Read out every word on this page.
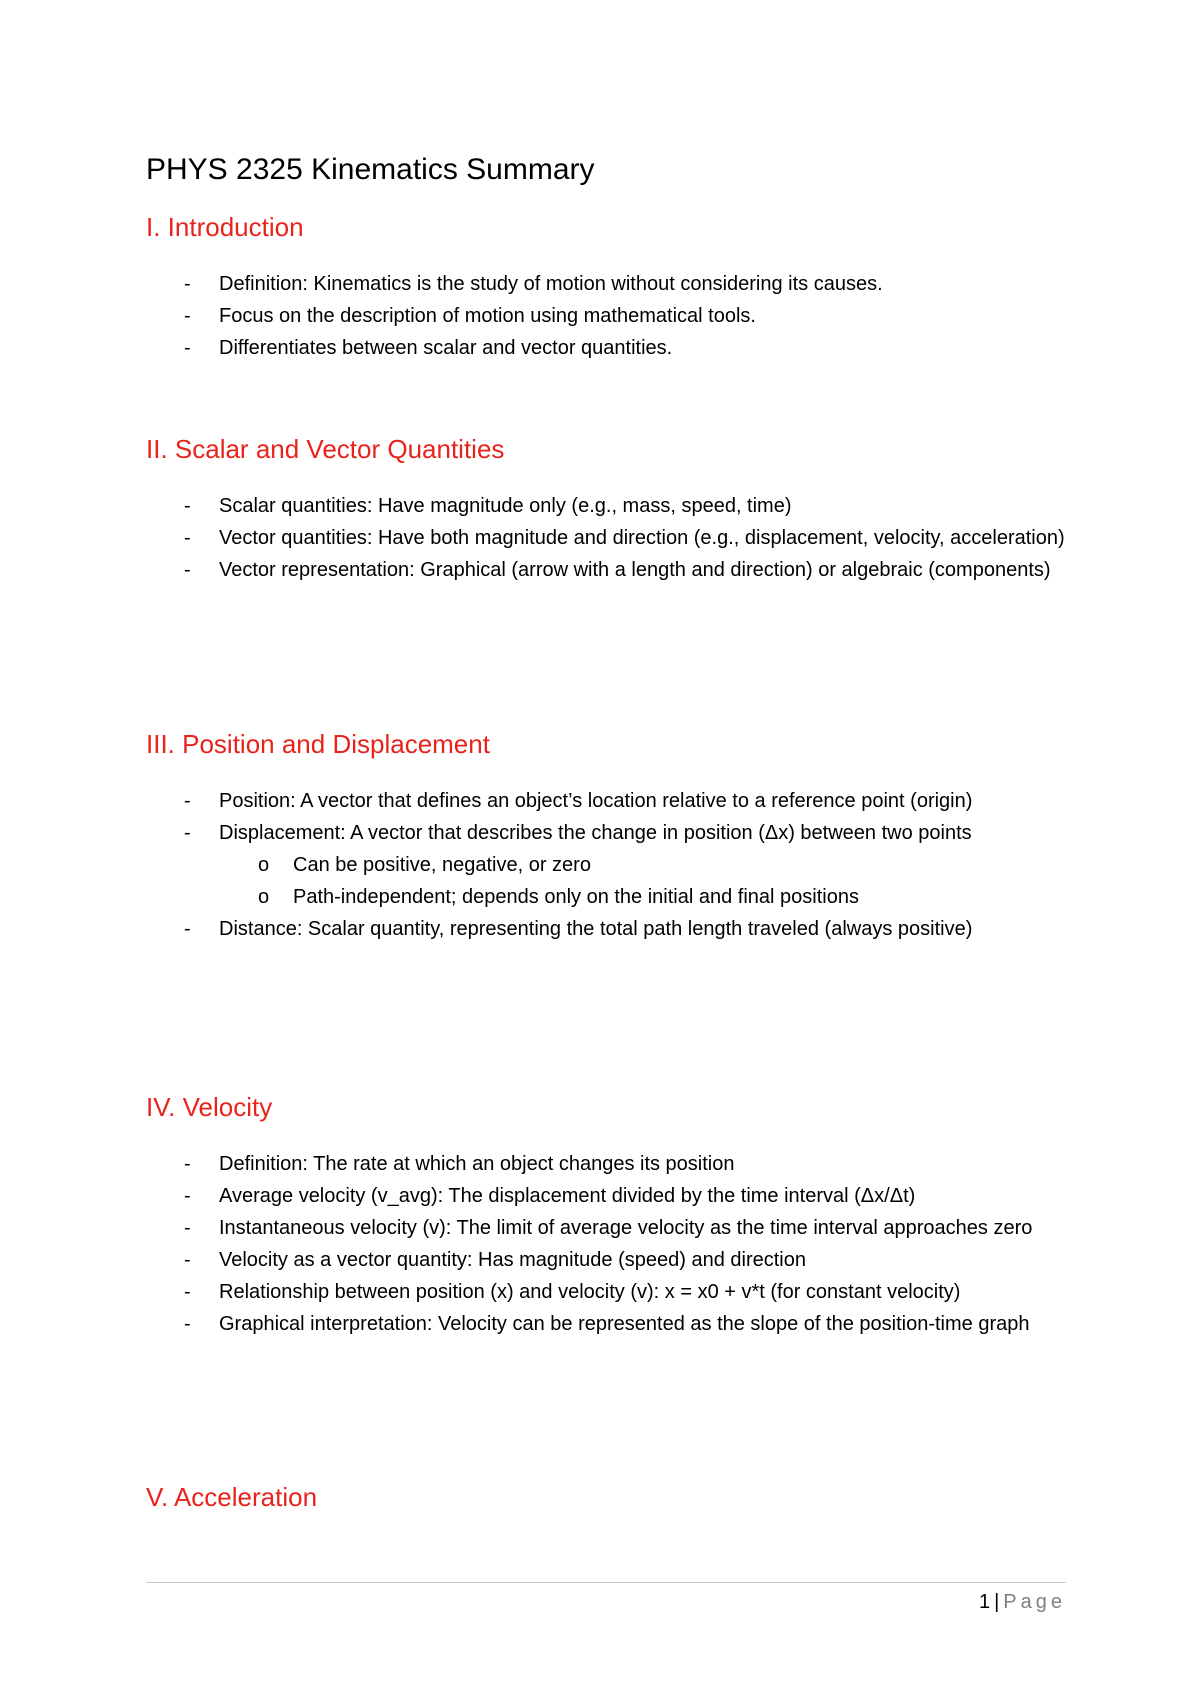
PHYS 2325 Kinematics Summary
I. Introduction
- Definition: Kinematics is the study of motion without considering its causes.
- Focus on the description of motion using mathematical tools.
- Differentiates between scalar and vector quantities.
II. Scalar and Vector Quantities
- Scalar quantities: Have magnitude only (e.g., mass, speed, time)
- Vector quantities: Have both magnitude and direction (e.g., displacement, velocity, acceleration)
- Vector representation: Graphical (arrow with a length and direction) or algebraic (components)
III. Position and Displacement
- Position: A vector that defines an object’s location relative to a reference point (origin)
- Displacement: A vector that describes the change in position (Δx) between two points
o Can be positive, negative, or zero
o Path-independent; depends only on the initial and final positions
- Distance: Scalar quantity, representing the total path length traveled (always positive)
IV. Velocity
- Definition: The rate at which an object changes its position
- Average velocity (v_avg): The displacement divided by the time interval (Δx/Δt)
- Instantaneous velocity (v): The limit of average velocity as the time interval approaches zero
- Velocity as a vector quantity: Has magnitude (speed) and direction
- Relationship between position (x) and velocity (v): x = x0 + v*t (for constant velocity)
- Graphical interpretation: Velocity can be represented as the slope of the position-time graph
V. Acceleration
1 | Page
